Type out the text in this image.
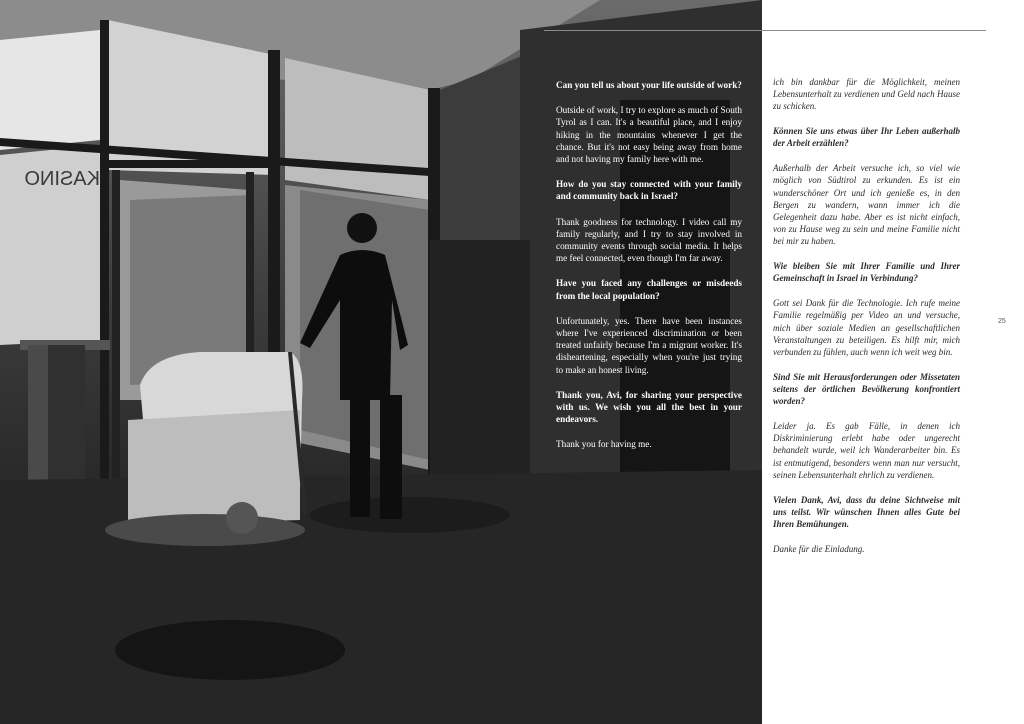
KASINO

Can you tell us about your life outside of work?

Outside of work, I try to explore as much of South Tyrol as I can. It's a beautiful place, and I enjoy hiking in the mountains whenever I get the chance. But it's not easy being away from home and not having my family here with me.

How do you stay connected with your family and community back in Israel?

Thank goodness for technology. I video call my family regularly, and I try to stay involved in community events through social media. It helps me feel connected, even though I'm far away.

Have you faced any challenges or misdeeds from the local population?

Unfortunately, yes. There have been instances where I've experienced discrimination or been treated unfairly because I'm a migrant worker. It's disheartening, especially when you're just trying to make an honest living.

Thank you, Avi, for sharing your perspective with us. We wish you all the best in your endeavors.

Thank you for having me.

ich bin dankbar für die Möglichkeit, meinen Lebensunterhalt zu verdienen und Geld nach Hause zu schicken.

Können Sie uns etwas über Ihr Leben außerhalb der Arbeit erzählen?

Außerhalb der Arbeit versuche ich, so viel wie möglich von Südtirol zu erkunden. Es ist ein wunderschöner Ort und ich genieße es, in den Bergen zu wandern, wann immer ich die Gelegenheit dazu habe. Aber es ist nicht einfach, von zu Hause weg zu sein und meine Familie nicht bei mir zu haben.

Wie bleiben Sie mit Ihrer Familie und Ihrer Gemeinschaft in Israel in Verbindung?

Gott sei Dank für die Technologie. Ich rufe meine Familie regelmäßig per Video an und versuche, mich über soziale Medien an gesellschaftlichen Veranstaltungen zu beteiligen. Es hilft mir, mich verbunden zu fühlen, auch wenn ich weit weg bin.

Sind Sie mit Herausforderungen oder Missetaten seitens der örtlichen Bevölkerung konfrontiert worden?

Leider ja. Es gab Fälle, in denen ich Diskriminierung erlebt habe oder ungerecht behandelt wurde, weil ich Wanderarbeiter bin. Es ist entmutigend, besonders wenn man nur versucht, seinen Lebensunterhalt ehrlich zu verdienen.

Vielen Dank, Avi, dass du deine Sichtweise mit uns teilst. Wir wünschen Ihnen alles Gute bei Ihren Bemühungen.

Danke für die Einladung.

25
